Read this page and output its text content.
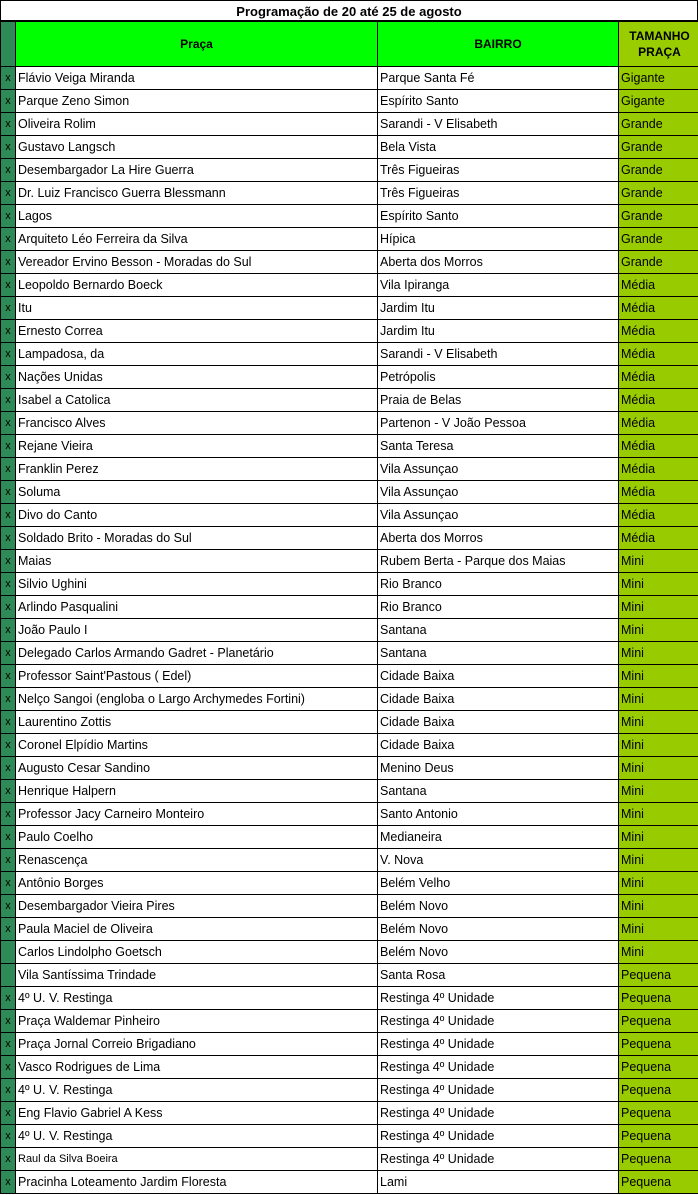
Programação de 20 até 25 de agosto
	Praça	BAIRRO	TAMANHO
PRAÇA
x	Flávio Veiga Miranda	Parque Santa Fé	Gigante
x	Parque Zeno Simon	Espírito Santo	Gigante
x	Oliveira Rolim	Sarandi - V Elisabeth	Grande
x	Gustavo Langsch	Bela Vista	Grande
x	Desembargador La Hire Guerra	Três Figueiras	Grande
x	Dr. Luiz Francisco Guerra Blessmann	Três Figueiras	Grande
x	Lagos	Espírito Santo	Grande
x	Arquiteto Léo Ferreira da Silva	Hípica	Grande
x	Vereador Ervino Besson - Moradas do Sul	Aberta dos Morros	Grande
x	Leopoldo Bernardo Boeck	Vila Ipiranga	Média
x	Itu	Jardim Itu	Média
x	Ernesto Correa	Jardim Itu	Média
x	Lampadosa, da	Sarandi - V Elisabeth	Média
x	Nações Unidas	Petrópolis	Média
x	Isabel a Catolica	Praia de Belas	Média
x	Francisco Alves	Partenon - V João Pessoa	Média
x	Rejane Vieira	Santa Teresa	Média
x	Franklin Perez	Vila Assunçao	Média
x	Soluma	Vila Assunçao	Média
x	Divo do Canto	Vila Assunçao	Média
x	Soldado Brito - Moradas do Sul	Aberta dos Morros	Média
x	Maias	Rubem Berta - Parque dos Maias	Mini
x	Silvio Ughini	Rio Branco	Mini
x	Arlindo Pasqualini	Rio Branco	Mini
x	João Paulo I	Santana	Mini
x	Delegado Carlos Armando Gadret - Planetário	Santana	Mini
x	Professor Saint'Pastous ( Edel)	Cidade Baixa	Mini
x	Nelço Sangoi (engloba o Largo Archymedes Fortini)	Cidade Baixa	Mini
x	Laurentino Zottis	Cidade Baixa	Mini
x	Coronel Elpídio Martins	Cidade Baixa	Mini
x	Augusto Cesar Sandino	Menino Deus	Mini
x	Henrique Halpern	Santana	Mini
x	Professor Jacy Carneiro Monteiro	Santo Antonio	Mini
x	Paulo Coelho	Medianeira	Mini
x	Renascença	V. Nova	Mini
x	Antônio Borges	Belém Velho	Mini
x	Desembargador Vieira Pires	Belém Novo	Mini
x	Paula Maciel de Oliveira	Belém Novo	Mini
	Carlos Lindolpho Goetsch	Belém Novo	Mini
	Vila Santíssima Trindade	Santa Rosa	Pequena
x	4º U. V. Restinga	Restinga 4º Unidade	Pequena
x	Praça Waldemar Pinheiro	Restinga 4º Unidade	Pequena
x	Praça Jornal Correio Brigadiano	Restinga 4º Unidade	Pequena
x	Vasco Rodrigues de Lima	Restinga 4º Unidade	Pequena
x	4º U. V. Restinga	Restinga 4º Unidade	Pequena
x	Eng Flavio Gabriel A Kess	Restinga 4º Unidade	Pequena
x	4º U. V. Restinga	Restinga 4º Unidade	Pequena
x	Raul da Silva Boeira	Restinga 4º Unidade	Pequena
x	Pracinha Loteamento Jardim Floresta	Lami	Pequena
